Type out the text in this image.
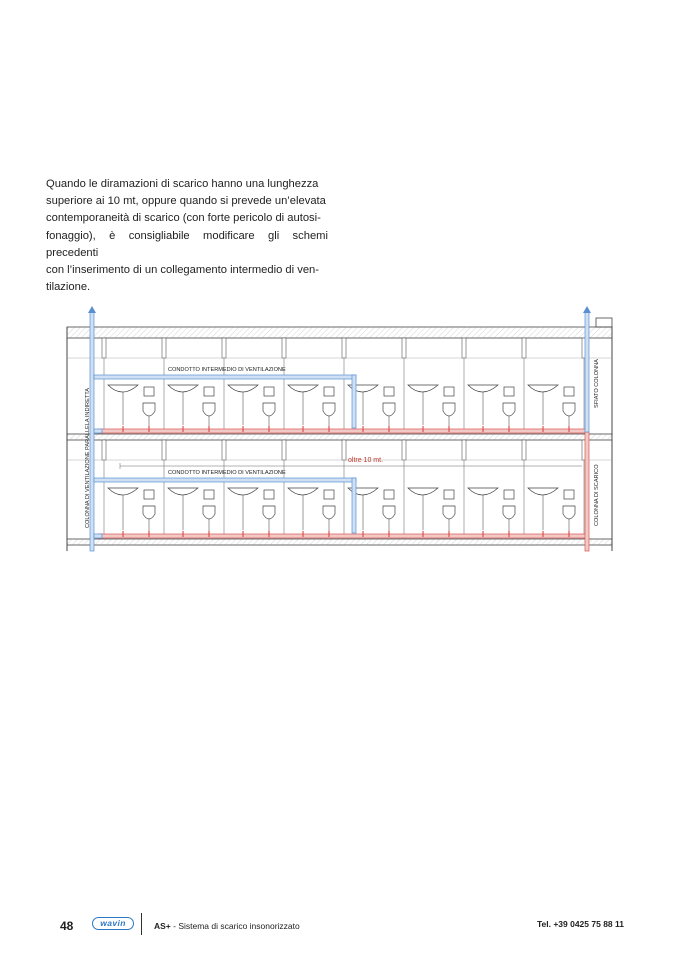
Quando le diramazioni di scarico hanno una lunghezza
superiore ai 10 mt, oppure quando si prevede un’elevata
contemporaneità di scarico (con forte pericolo di autosi-
fonaggio), è consigliabile modificare gli schemi precedenti
con l’inserimento di un collegamento intermedio di ven-
tilazione.

COLONNA DI VENTILAZIONE PARALLELA INDIRETTA
CONDOTTO INTERMEDIO DI VENTILAZIONE
CONDOTTO INTERMEDIO DI VENTILAZIONE
oltre 10 mt.
SFIATO COLONNA
COLONNA DI SCARICO
48	wavin	AS+ - Sistema di scarico insonorizzato	Tel. +39 0425 75 88 11
